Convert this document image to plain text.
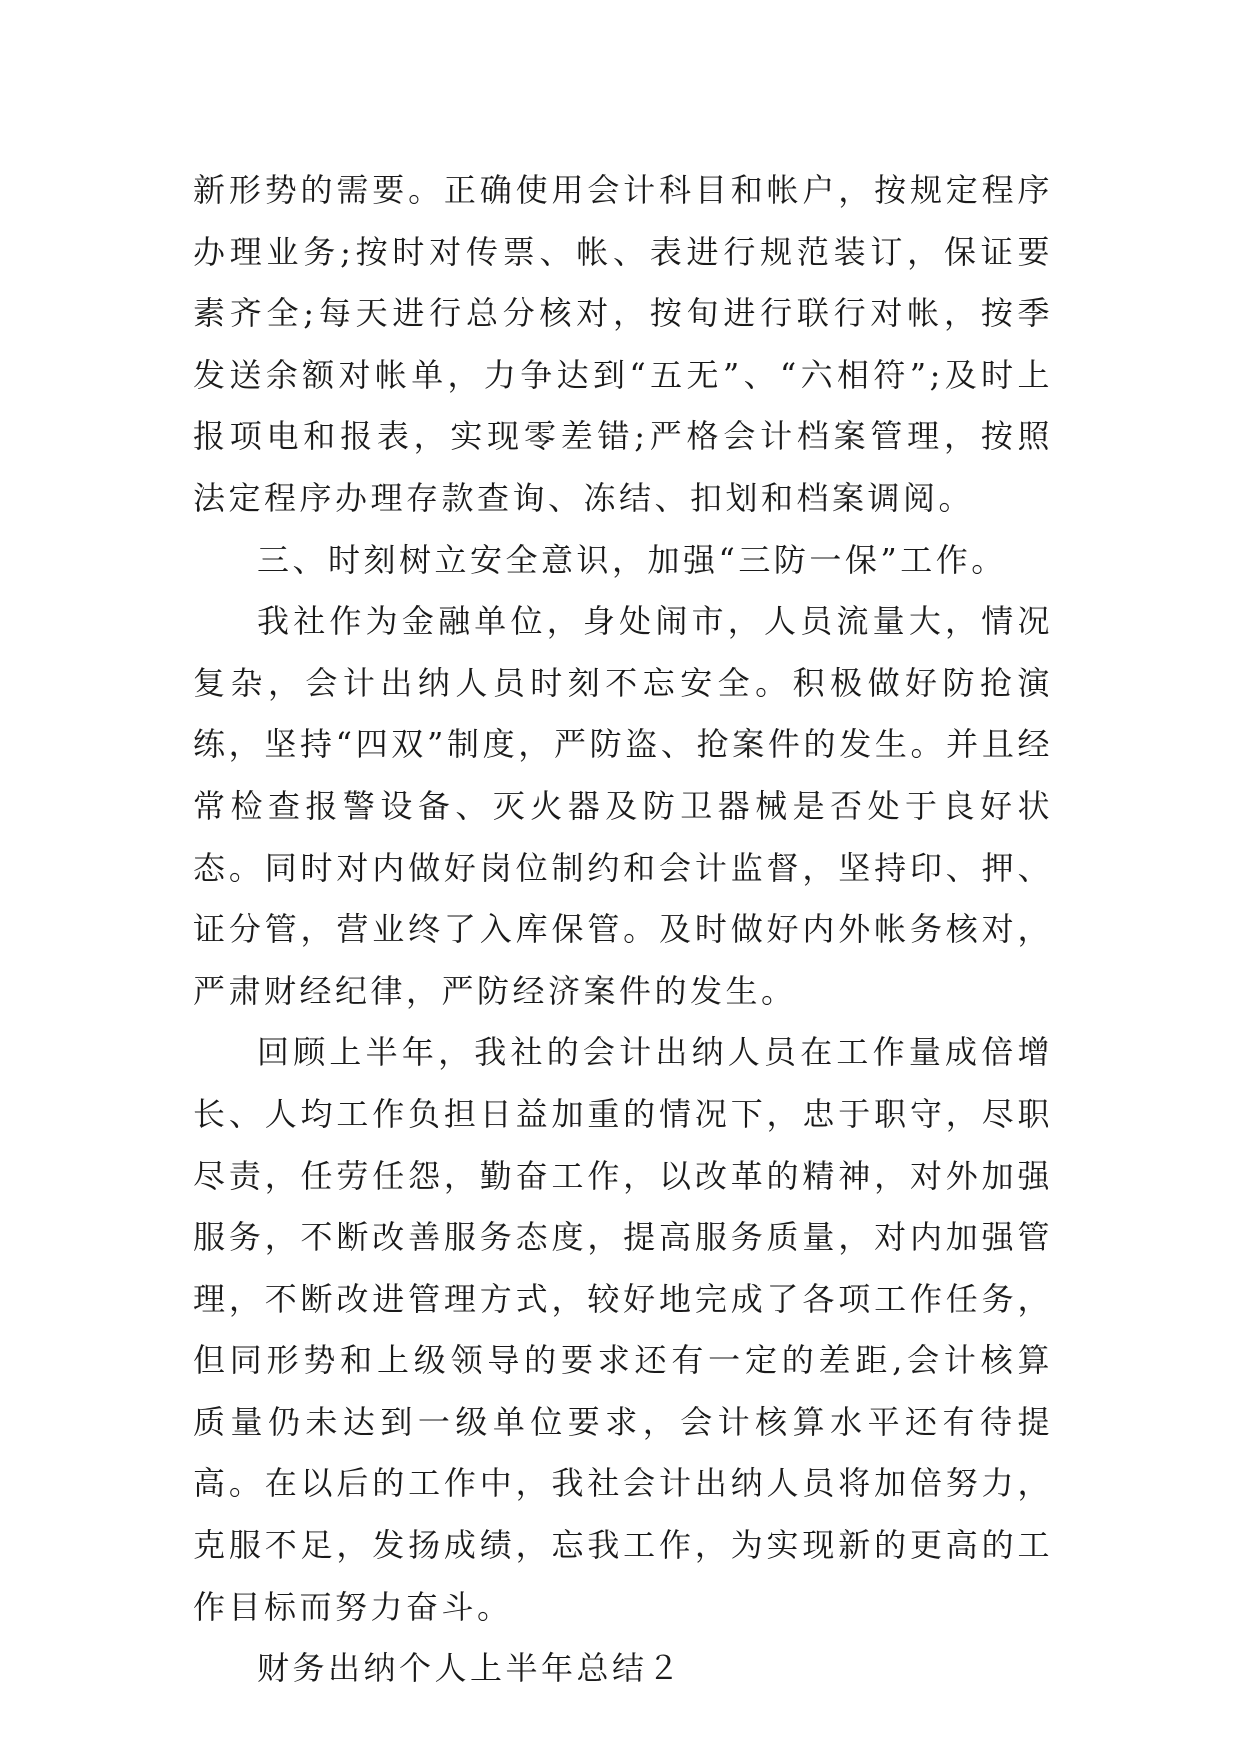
新形势的需要。正确使用会计科目和帐户，按规定程序办理业务;按时对传票、帐、表进行规范装订，保证要素齐全;每天进行总分核对，按旬进行联行对帐，按季发送余额对帐单，力争达到“五无”、“六相符”;及时上报项电和报表，实现零差错;严格会计档案管理，按照法定程序办理存款查询、冻结、扣划和档案调阅。

三、时刻树立安全意识，加强“三防一保”工作。

我社作为金融单位，身处闹市，人员流量大，情况复杂，会计出纳人员时刻不忘安全。积极做好防抢演练，坚持“四双”制度，严防盗、抢案件的发生。并且经常检查报警设备、灭火器及防卫器械是否处于良好状态。同时对内做好岗位制约和会计监督，坚持印、押、证分管，营业终了入库保管。及时做好内外帐务核对，严肃财经纪律，严防经济案件的发生。

回顾上半年，我社的会计出纳人员在工作量成倍增长、人均工作负担日益加重的情况下，忠于职守，尽职尽责，任劳任怨，勤奋工作，以改革的精神，对外加强服务，不断改善服务态度，提高服务质量，对内加强管理，不断改进管理方式，较好地完成了各项工作任务，但同形势和上级领导的要求还有一定的差距,会计核算质量仍未达到一级单位要求，会计核算水平还有待提高。在以后的工作中，我社会计出纳人员将加倍努力，克服不足，发扬成绩，忘我工作，为实现新的更高的工作目标而努力奋斗。

财务出纳个人上半年总结２
